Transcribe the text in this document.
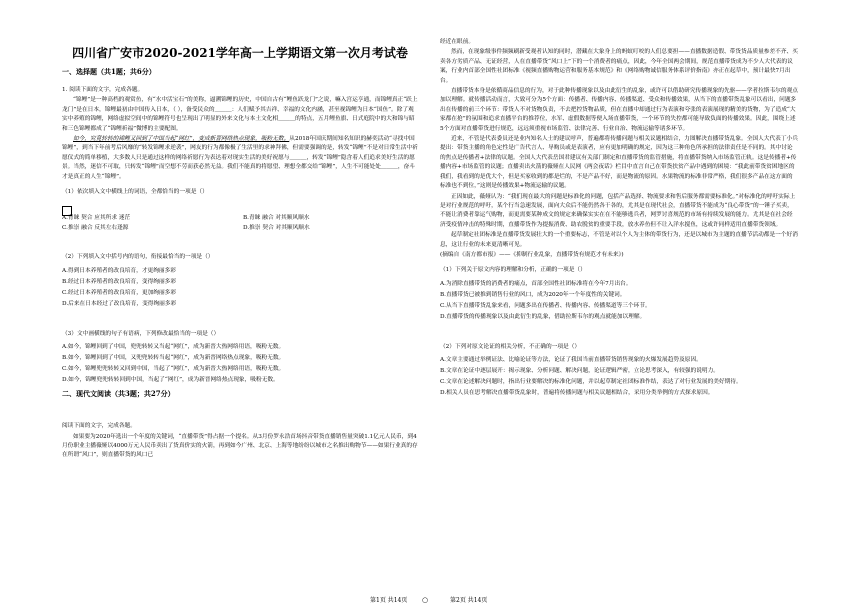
四川省广安市2020-2021学年高一上学期语文第一次月考试卷
一、选择题（共1题；共6分）

1. 阅读下面的文字，完成各题。

“锦鲤”是一种高档的观赏鱼，有“水中活宝石”的美称，逼溯锦鲤的历史，中国自古有“鲤鱼跃龙门”之说，嘛入宫运亨通，而锦鲤真正“跃上龙门”是在日本，锦鲤最初由中国传入日本，（ ），备受民众的＿＿＿：人们赋予其吉祥、幸福的文化内涵，甚至视锦鲤为日本“国鱼”。除了观实中养殖的锦鲤，网络虚拟空间中的锦鲤符号也呈现出了明显的外来文化与本土文化相＿＿＿的特点，五月鲤鱼旗、日式庭院中的大和锦与昭和三色锦鲤都成了“锦鲤祈福”微博的主要配图。

如今，究竟转转的锦鲤又回到了中国当起“网红”，变成新晋网络热点现象，吸粉无数。从2018年国庆期间知名知识的赫奕活动“寻找中国锦鲤”，到当下年前考后风靡的“转发锦鲤求逆袭”，网友的行为都像极了生活里的求神拜佛，但需要强调的是，转发“锦鲤”不是对日常生活中祈愿仪式的简单移植，大多数人只是通过这样的网络祈愿行为表达着对现实生活的美好祝愿与＿＿＿，转发“锦鲤”隐含着人们追求美好生活的愿景。当然，迷信不可取，只转发“锦鲤”而空想不劳而获必然无益。我们不能真的将愿望、理想全都交给“锦鲤”，人生不可能处处＿＿＿，奋斗才是真正的人生“锦鲤”。

（1）依次填入文中横线上的词语，全都恰当的一项是（）
A.青睐 契合 应其所求 迷茫	B.青睐 融合 对其顺风顺水
C.推崇 融合 反其左右逢源	D.推崇 契合 对其顺风顺水
（2）下列填入文中括号内的语句，衔接最恰当的一项是（）
A.得到日本养殖者的改良培育，才更绚丽多彩
B.经过日本养殖者的改良培育，变得绚丽多彩
C.经过日本养殖者的改良培育，更加绚丽多彩
D.后来在日本经过了改良培育，变得绚丽多彩
（3）文中画横线的句子有语病，下列修改最恰当的一项是（）
A.如今，锦鲤回到了中国，兜兜转转又当起“网红”，成为新晋大热网络用语，吸粉无数。
B.如今，锦鲤回到了中国，又兜兜转转当起“网红”，成为新晋网络热点现象，吸粉无数。
C.如今，锦鲤兜兜转转又回到中国，当起了“网红”，成为新晋大热网络用语，吸粉无数。
D.如今，锦鲤兜兜转转回到中国，当起了“网红”，成为新晋网络热点现象，吸粉无数。
二、现代文阅读（共3题；共27分）

阅读下面的文字，完成各题。

如果要为2020年选出一个年度的关键词，“直播带货”得占据一个提名。从3月份罗永浩首场抖音带货直播销售量突破1.1亿元人民币，到4月份职业主播薇娅以4000万元人民币卖出了货真价实的火箭，再到如今广州、北京、上海等地纷纷以城市之名推出购物节——如果行业真的存在所谓“风口”，则直播带货的风口已

第1页 共14页 ○

经近在眼前。

然而，在现象级事件频频刷新受观者认知的同时，潜藏在大象身上的蚂蚁叮咬的人们总要担——直播数据造假、带货货品质量参差不齐、买卖各方劣质产品、无证经营，人在直播带货“风口上”下的一个消费者的痛点，因此，今年全国两会期间，规范直播带货成为不少人大代表的议案，行业内首部全国性社团标准《视频直播购物运营和服务基本规范》和《网络购物诚信服务体系评价指南》亦正在起草中，预计最快7月出台。

直播带货本身是依循商品信息的行为，对于此种传播现象以及由此衍生的乱象，或许可以借助研究传播现象的先驱——学者拉斯韦尔的观点加以理解。就传播活动而言，大致可分为5个方面：传播者、传播内容、传播渠道、受众和传播效果，从当下的直播带货乱象可以看出，问题多出在传播的前三个环节：带货人不对货物负责，不去把控货物品质，但在直播中却通过行为表演和夸张的表演展现的精美的货物，为了造成“大家都在抢”的氛围和追求直播平台的推荐位，水军、虚假数据等便入场直播带货，一个环节的失控都可能导致负面的传播效果。因此，围绕上述5个方面对直播带货进行规范，远远须重视市场监管、法律完善、行业自治、物流运输等诸多环节。

近来，不管是代表委员还是业内知名人士的建议呼声，普遍都将传播问题与相关议题相结合，力图解决直播带货乱象。全国人大代表丁小兵提出：带货主播的角色定性是广告代言人、导购员或是表演者，应有更加明确的规定，因为这三种角色所承担的法律责任是不同的。其中讨论的焦点是传播者+法律的议题。全国人大代表岳国君建议有关部门制定和直播带货的监管措施，将直播带货纳入市场监管正轨。这是传播者+传播内容+市场监管的议题；直播卖出火箭的薇娅在人民网《两会夜话》栏目中直言自己在带货扶贫产品中遇到的困境：“我此前带货贫困地区的我们，我看到的是优大个，但是买家收到的都是烂的，不是产品不好，而是物流的原因。水果物流的标准非常严格，我们很多产品在这方面的标准也不到位，”这则是传播效果+物流运输的议题。

正因如此，薇娅认为：“我们现在最大的问题是标准化的问题，包括产品选择、物流要求和售后服务都需要标准化。”对标准化的呼吁实际上是对行业规范的呼吁，某个行当急速发展，面向大众后不能仍然各干各的，尤其是在现代社会，直播带货不能成为“良心带货”的一锤子买卖，不能让消费者靠运气购物，而更需要某种成文的规定来确保实实在在不能够逃兵者，网罗讨喜规范的市场有持续发展的能力。尤其是在社会经济受疫情冲击的特殊时期，直播带货作为提振消费、助农脱贫的重要手段，放水养鱼但不让入洋水搅鱼，这或许同样适用直播带货领域。

起草制定社团标准是直播带货发展壮大的一个重要标志，不管是对以个人为主体的带货行为，还是以城市为主题的直播节活动都是一个好消息，这让行业的未来更清晰可见。

(摘编自《南方都市报》——《抑制行业乱象，直播带货有规范才有未来》)

（1）下列关于原文内容的理解和分析，正确的一项是（）
A.为消除直播带货的消费者的痛点，首部全国性社团标准将在今年7月出台。
B.直播带货已被推到销售行业的风口，成为2020年一个年度性的关键词。
C.从当下直播带货乱象来看，问题多出在传播者、传播内容、传播渠道等三个环节。
D.直播带货的传播现象以及由此衍生的乱象，借助拉斯韦尔的观点就能加以理解。
（2）下列对原文论证的相关分析，不正确的一项是（）
A.文章主要通过举例证法、比喻论证等方法，论证了我国当前直播带货销售现象的火爆发展趋势及原因。
B.文章在论证中逐层展开：揭示现象、分析问题、解决问题，论证逻辑严密，立论思考深入，有较强的说明力。
C.文章在论述解决问题时，指出行业要解决的标准化问题，并以起草制定社团标准作结，表达了对行业发展的美好期待。
D.相关人员在思考解决直播带货乱象时，普遍将传播问题与相关议题相结合，采用分类举例的方式探求原因。
第2页 共14页
